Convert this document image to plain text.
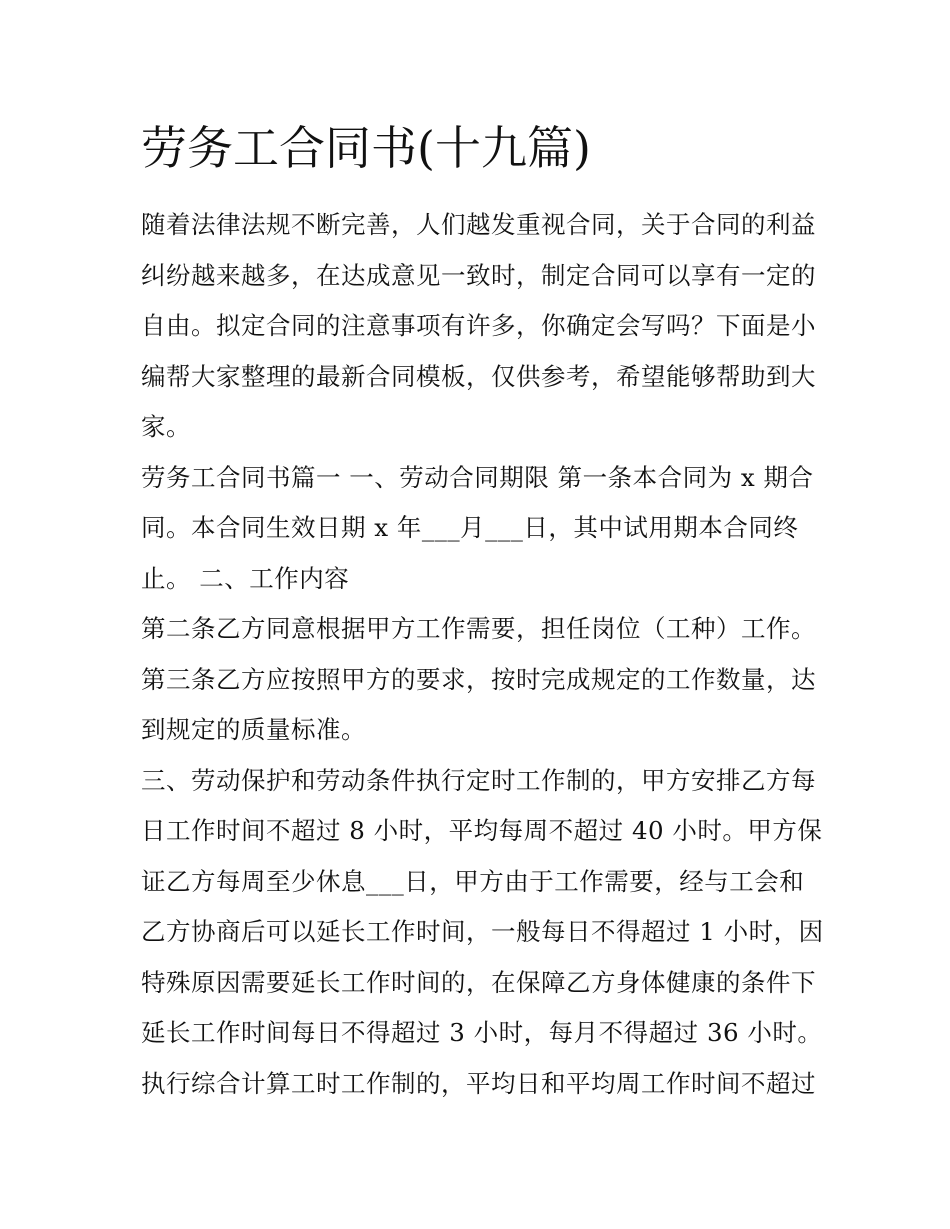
劳务工合同书(十九篇)
随着法律法规不断完善，人们越发重视合同，关于合同的利益
纠纷越来越多，在达成意见一致时，制定合同可以享有一定的
自由。拟定合同的注意事项有许多，你确定会写吗？下面是小
编帮大家整理的最新合同模板，仅供参考，希望能够帮助到大
家。
劳务工合同书篇一 一、劳动合同期限 第一条本合同为 x 期合
同。本合同生效日期 x 年___月___日，其中试用期本合同终
止。 二、工作内容
第二条乙方同意根据甲方工作需要，担任岗位（工种）工作。
第三条乙方应按照甲方的要求，按时完成规定的工作数量，达
到规定的质量标准。
三、劳动保护和劳动条件执行定时工作制的，甲方安排乙方每
日工作时间不超过 8 小时，平均每周不超过 40 小时。甲方保
证乙方每周至少休息___日，甲方由于工作需要，经与工会和
乙方协商后可以延长工作时间，一般每日不得超过 1 小时，因
特殊原因需要延长工作时间的，在保障乙方身体健康的条件下
延长工作时间每日不得超过 3 小时，每月不得超过 36 小时。
执行综合计算工时工作制的，平均日和平均周工作时间不超过
